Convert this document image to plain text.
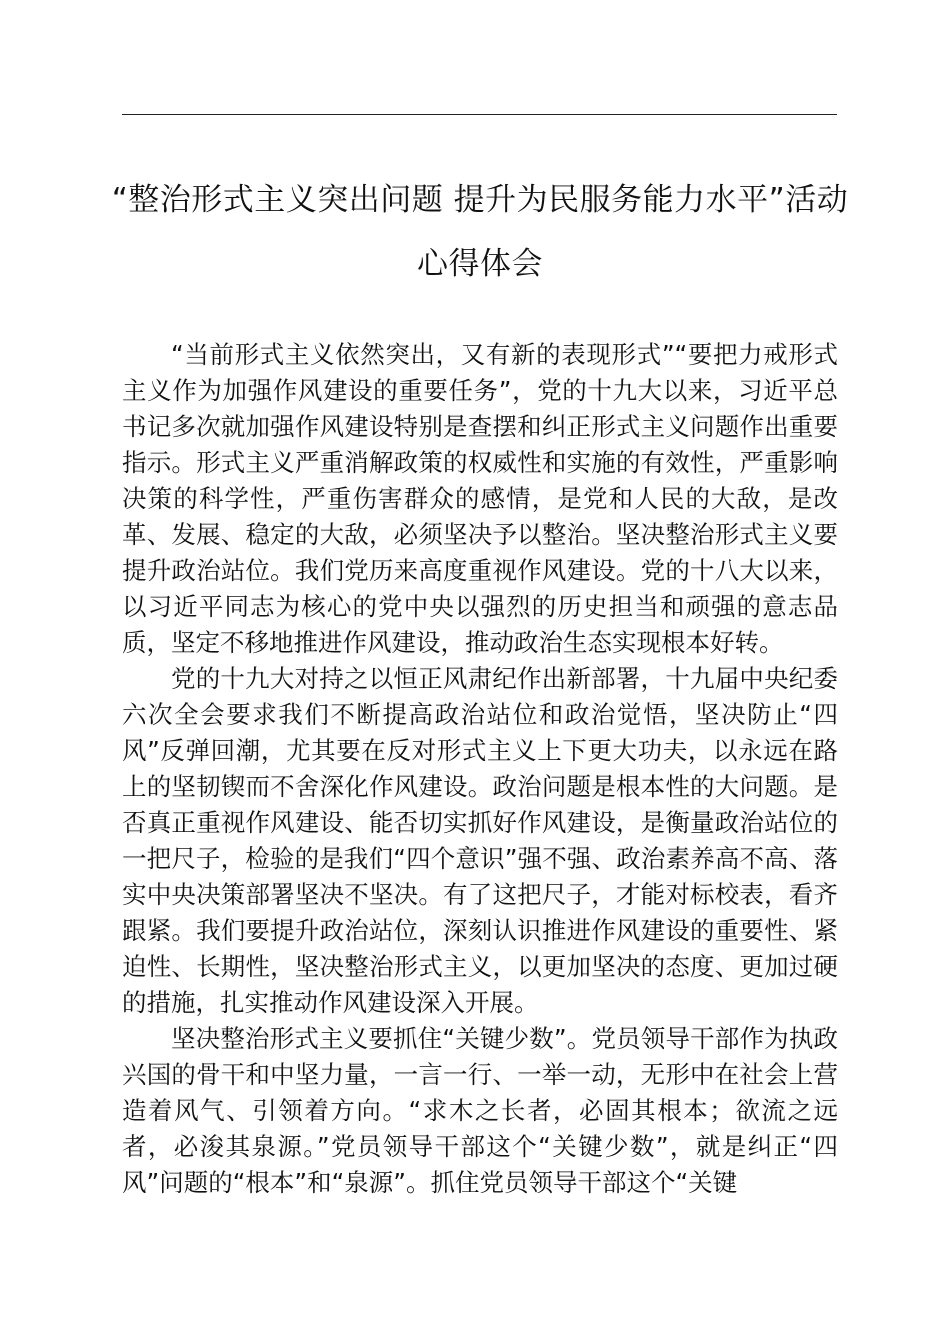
“整治形式主义突出问题 提升为民服务能力水平”活动心得体会

“当前形式主义依然突出，又有新的表现形式”“要把力戒形式主义作为加强作风建设的重要任务”，党的十九大以来，习近平总书记多次就加强作风建设特别是查摆和纠正形式主义问题作出重要指示。形式主义严重消解政策的权威性和实施的有效性，严重影响决策的科学性，严重伤害群众的感情，是党和人民的大敌，是改革、发展、稳定的大敌，必须坚决予以整治。坚决整治形式主义要提升政治站位。我们党历来高度重视作风建设。党的十八大以来，以习近平同志为核心的党中央以强烈的历史担当和顽强的意志品质，坚定不移地推进作风建设，推动政治生态实现根本好转。

党的十九大对持之以恒正风肃纪作出新部署，十九届中央纪委六次全会要求我们不断提高政治站位和政治觉悟，坚决防止“四风”反弹回潮，尤其要在反对形式主义上下更大功夫，以永远在路上的坚韧锲而不舍深化作风建设。政治问题是根本性的大问题。是否真正重视作风建设、能否切实抓好作风建设，是衡量政治站位的一把尺子，检验的是我们“四个意识”强不强、政治素养高不高、落实中央决策部署坚决不坚决。有了这把尺子，才能对标校表，看齐跟紧。我们要提升政治站位，深刻认识推进作风建设的重要性、紧迫性、长期性，坚决整治形式主义，以更加坚决的态度、更加过硬的措施，扎实推动作风建设深入开展。

坚决整治形式主义要抓住“关键少数”。党员领导干部作为执政兴国的骨干和中坚力量，一言一行、一举一动，无形中在社会上营造着风气、引领着方向。“求木之长者，必固其根本；欲流之远者，必浚其泉源。”党员领导干部这个“关键少数”，就是纠正“四风”问题的“根本”和“泉源”。抓住党员领导干部这个“关键
